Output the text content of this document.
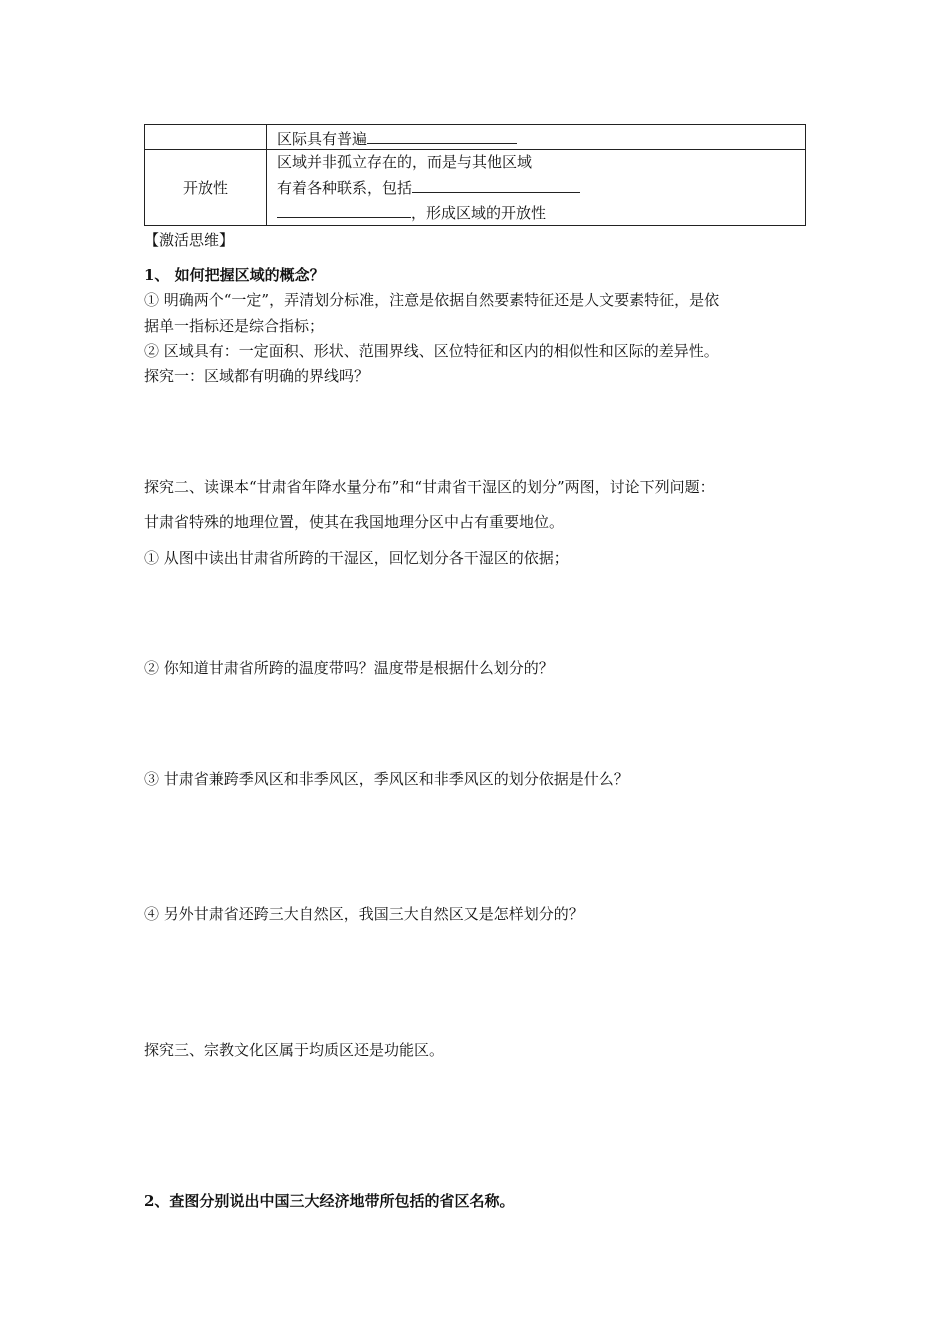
	区际具有普遍
开放性	区域并非孤立存在的，而是与其他区域
有着各种联系，包括
，形成区域的开放性
【激活思维】
1、 如何把握区域的概念？
① 明确两个“一定”，弄清划分标准，注意是依据自然要素特征还是人文要素特征，是依
据单一指标还是综合指标；
② 区域具有：一定面积、形状、范围界线、区位特征和区内的相似性和区际的差异性。
探究一：区域都有明确的界线吗？
探究二、读课本“甘肃省年降水量分布”和“甘肃省干湿区的划分”两图，讨论下列问题：
甘肃省特殊的地理位置，使其在我国地理分区中占有重要地位。
① 从图中读出甘肃省所跨的干湿区，回忆划分各干湿区的依据；
② 你知道甘肃省所跨的温度带吗？温度带是根据什么划分的？
③ 甘肃省兼跨季风区和非季风区，季风区和非季风区的划分依据是什么？
④ 另外甘肃省还跨三大自然区，我国三大自然区又是怎样划分的？
探究三、宗教文化区属于均质区还是功能区。
2、查图分别说出中国三大经济地带所包括的省区名称。
